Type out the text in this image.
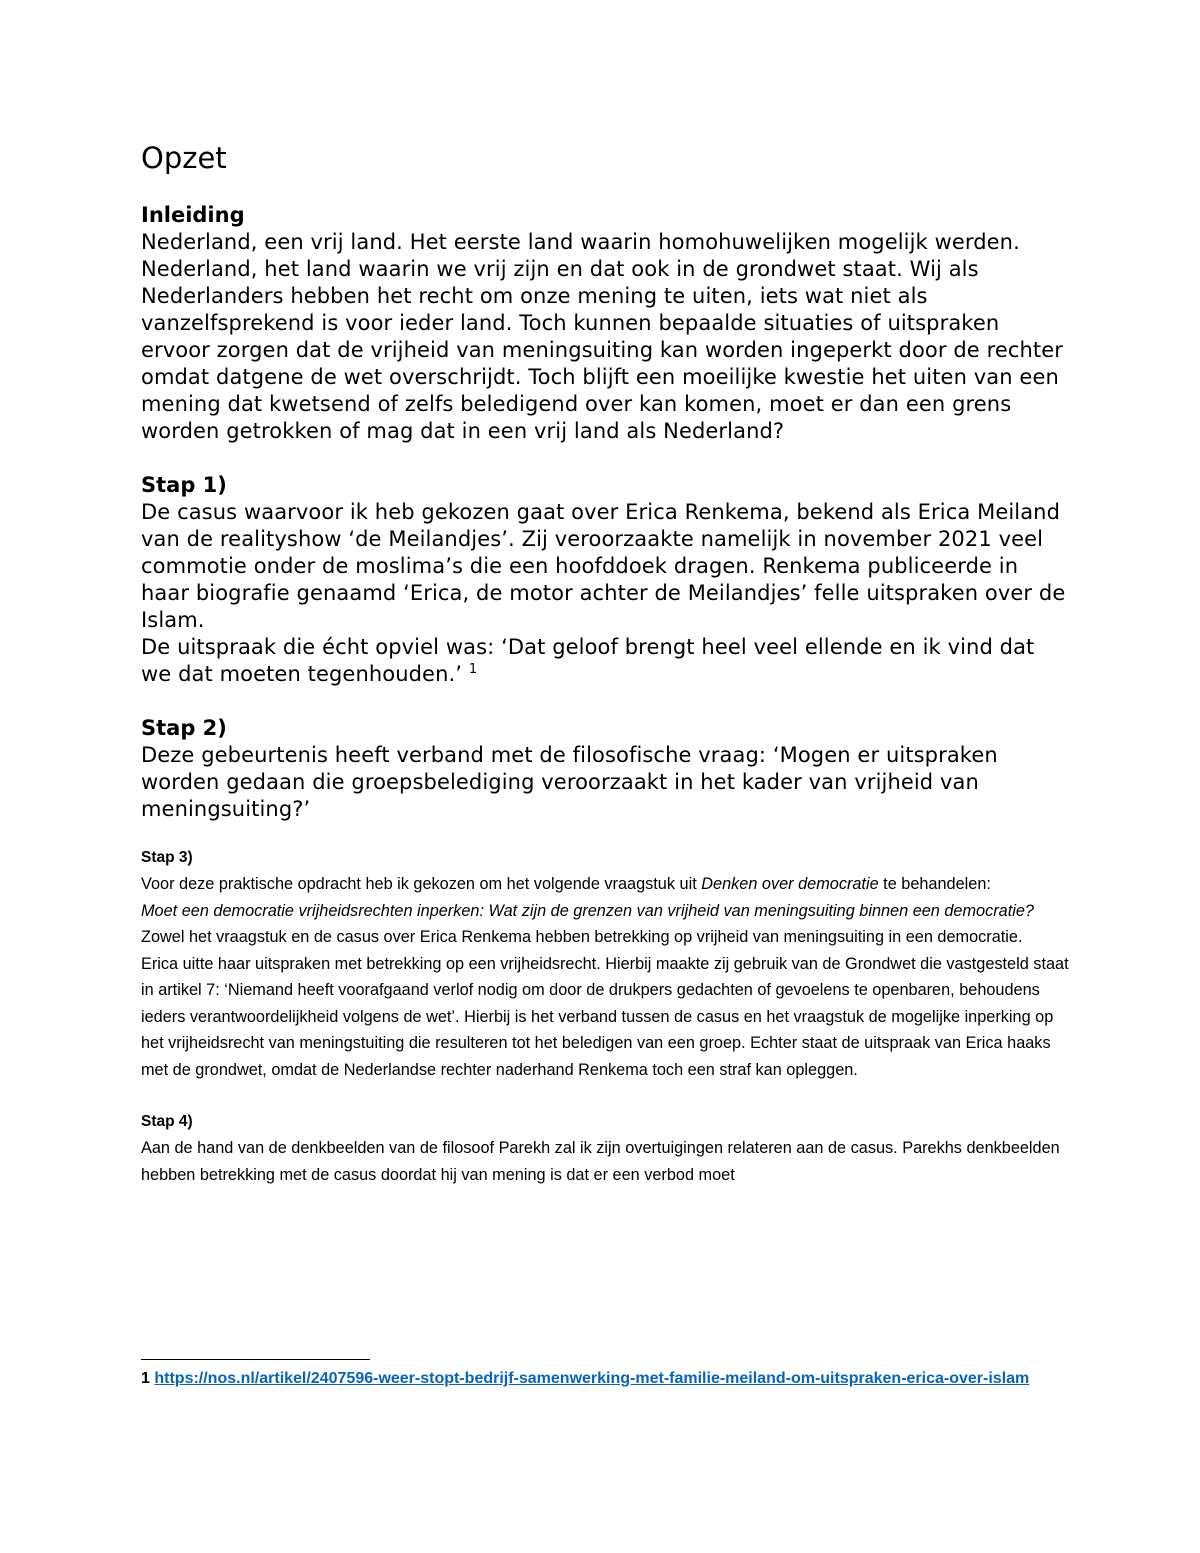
Opzet

Inleiding

Nederland, een vrij land. Het eerste land waarin homohuwelijken mogelijk werden. Nederland, het land waarin we vrij zijn en dat ook in de grondwet staat. Wij als Nederlanders hebben het recht om onze mening te uiten, iets wat niet als vanzelfsprekend is voor ieder land. Toch kunnen bepaalde situaties of uitspraken ervoor zorgen dat de vrijheid van meningsuiting kan worden ingeperkt door de rechter omdat datgene de wet overschrijdt. Toch blijft een moeilijke kwestie het uiten van een mening dat kwetsend of zelfs beledigend over kan komen, moet er dan een grens worden getrokken of mag dat in een vrij land als Nederland?

Stap 1)

De casus waarvoor ik heb gekozen gaat over Erica Renkema, bekend als Erica Meiland van de realityshow ‘de Meilandjes’. Zij veroorzaakte namelijk in november 2021 veel commotie onder de moslima’s die een hoofddoek dragen. Renkema publiceerde in haar biografie genaamd ‘Erica, de motor achter de Meilandjes’ felle uitspraken over de Islam.

De uitspraak die écht opviel was: ‘Dat geloof brengt heel veel ellende en ik vind dat we dat moeten tegenhouden.’ $^1$

Stap 2)

Deze gebeurtenis heeft verband met de filosofische vraag: ‘Mogen er uitspraken worden gedaan die groepsbelediging veroorzaakt in het kader van vrijheid van meningsuiting?’

Stap 3)

Voor deze praktische opdracht heb ik gekozen om het volgende vraagstuk uit Denken over democratie te behandelen:

Moet een democratie vrijheidsrechten inperken: Wat zijn de grenzen van vrijheid van meningsuiting binnen een democratie?

Zowel het vraagstuk en de casus over Erica Renkema hebben betrekking op vrijheid van meningsuiting in een democratie.

Erica uitte haar uitspraken met betrekking op een vrijheidsrecht. Hierbij maakte zij gebruik van de Grondwet die vastgesteld staat in artikel 7: ‘Niemand heeft voorafgaand verlof nodig om door de drukpers gedachten of gevoelens te openbaren, behoudens ieders verantwoordelijkheid volgens de wet’. Hierbij is het verband tussen de casus en het vraagstuk de mogelijke inperking op het vrijheidsrecht van meningstuiting die resulteren tot het beledigen van een groep. Echter staat de uitspraak van Erica haaks met de grondwet, omdat de Nederlandse rechter naderhand Renkema toch een straf kan opleggen.

Stap 4)

Aan de hand van de denkbeelden van de filosoof Parekh zal ik zijn overtuigingen relateren aan de casus. Parekhs denkbeelden hebben betrekking met de casus doordat hij van mening is dat er een verbod moet

1 https://nos.nl/artikel/2407596-weer-stopt-bedrijf-samenwerking-met-familie-meiland-om-uitspraken-erica-over-islam
